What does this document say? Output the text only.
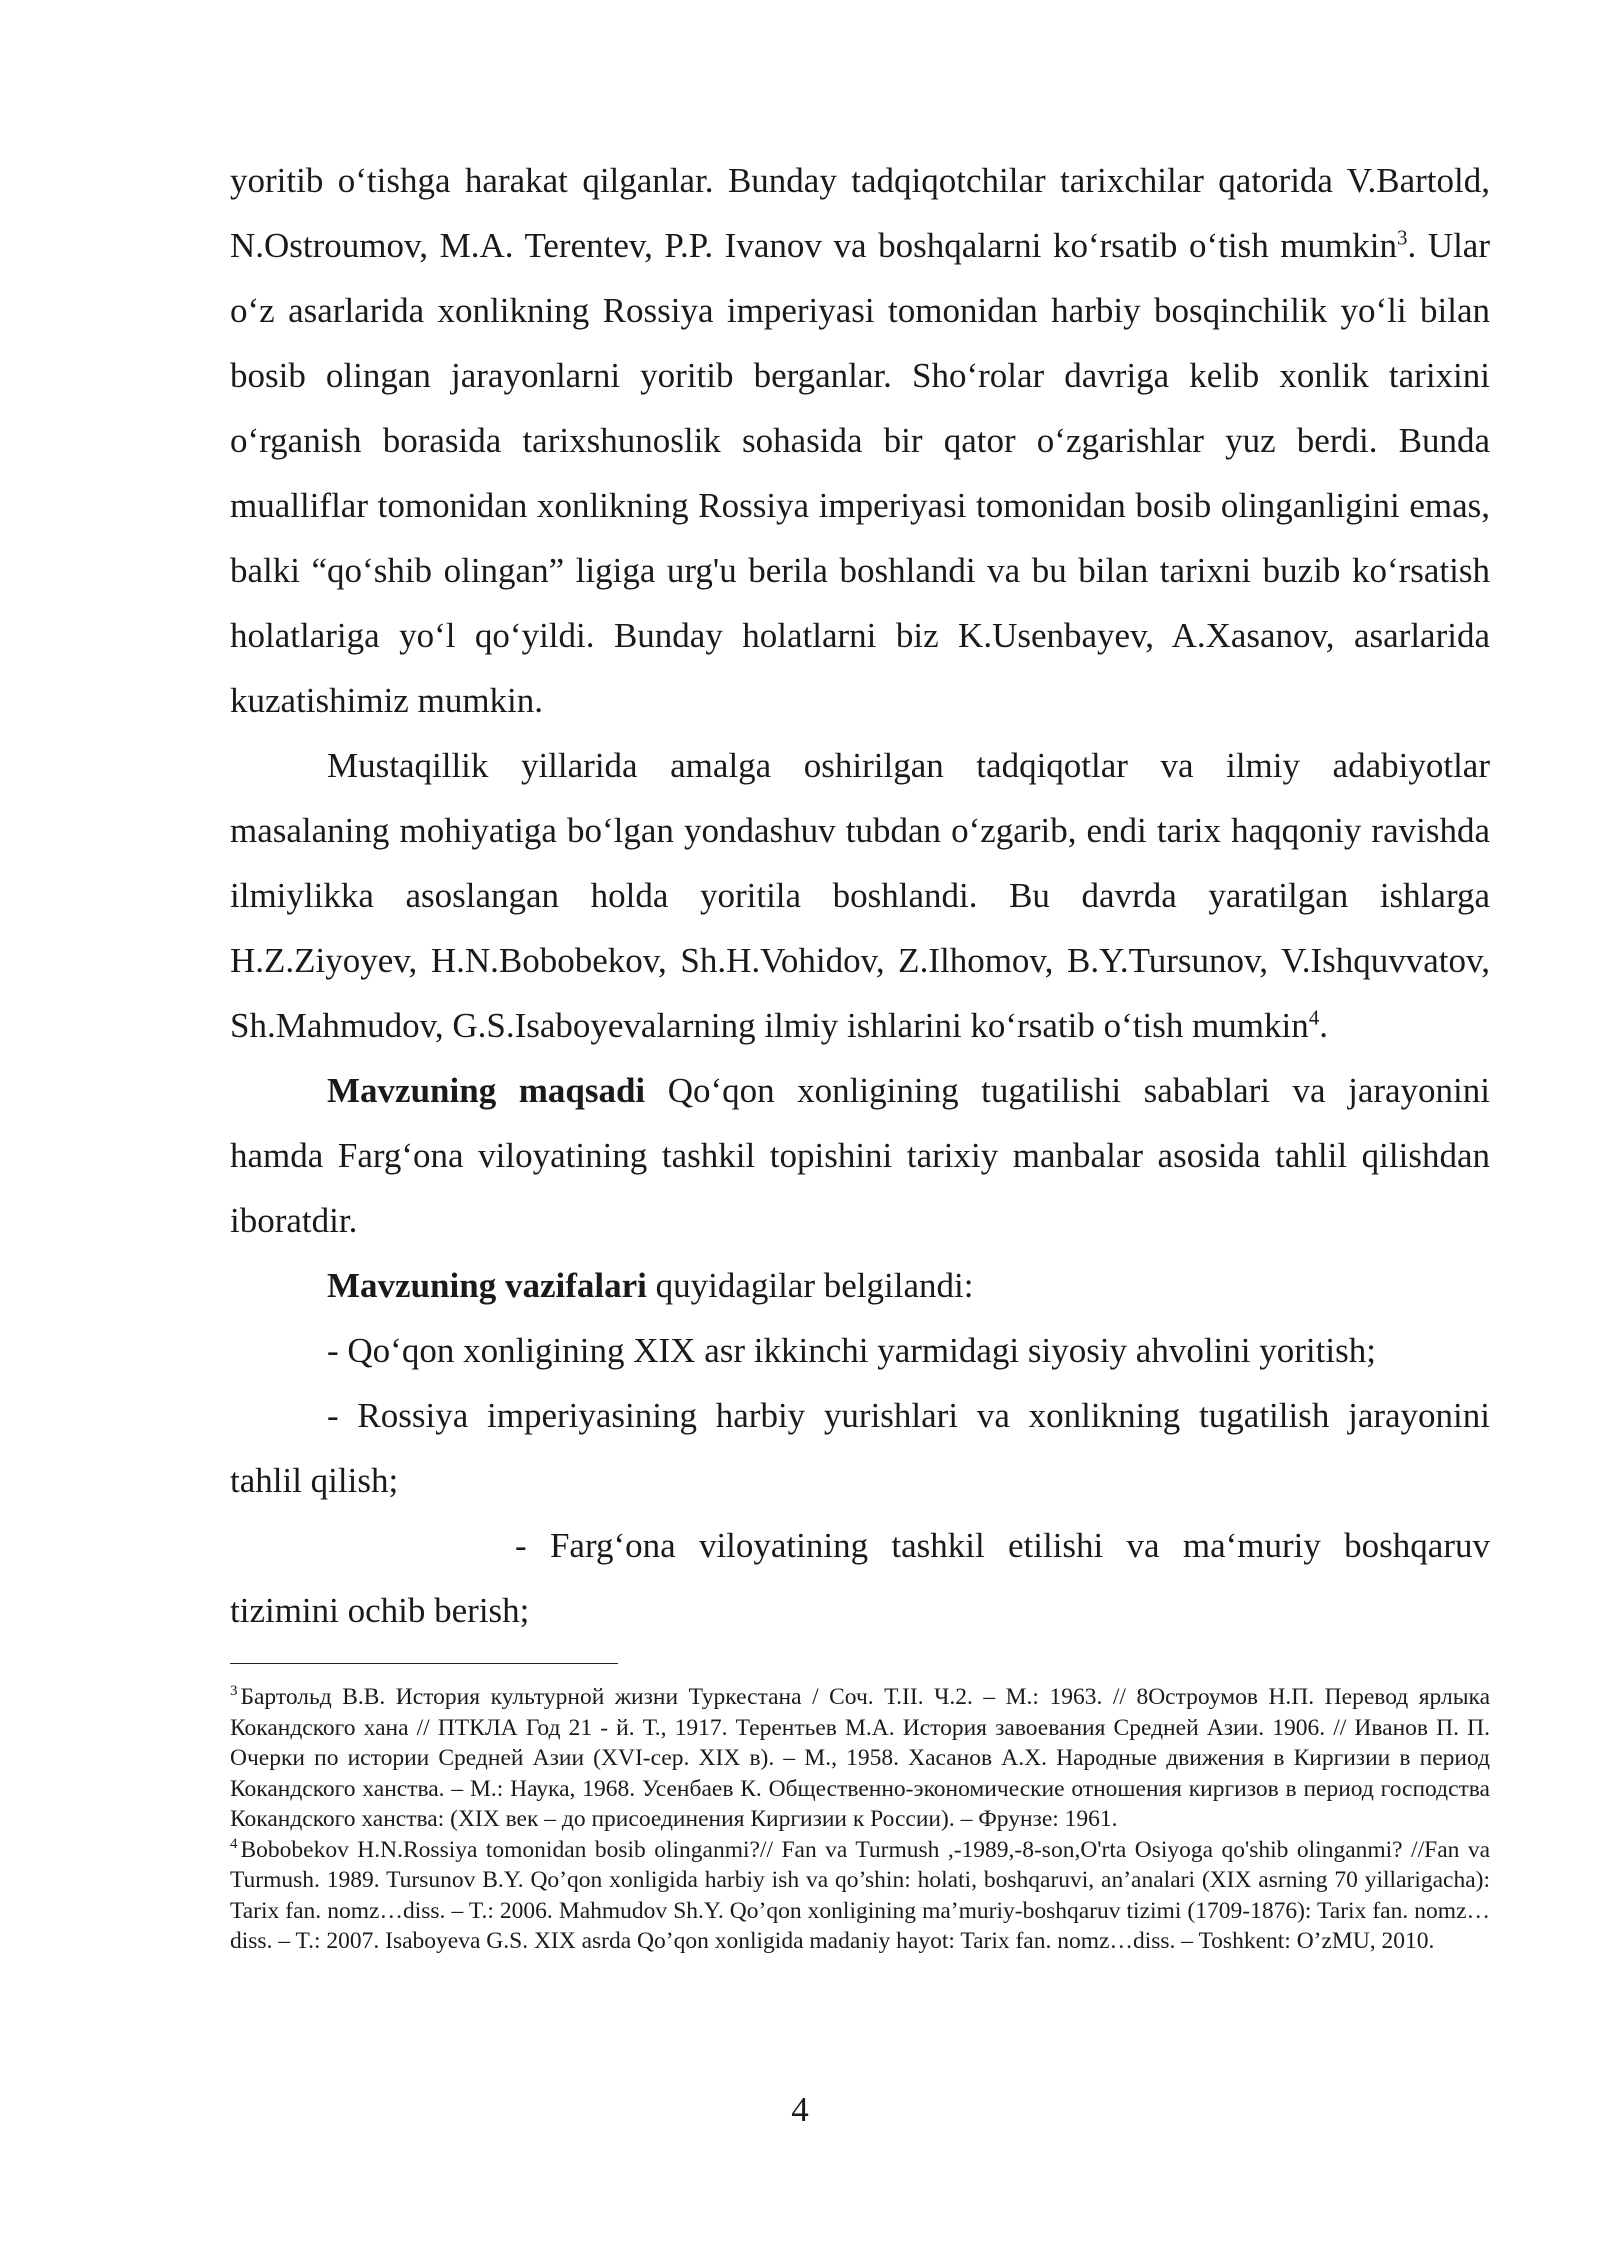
yoritib o‘tishga harakat qilganlar. Bunday tadqiqotchilar tarixchilar qatorida V.Bartold, N.Ostroumov, M.A. Terentev, P.P. Ivanov va boshqalarni ko‘rsatib o‘tish mumkin$^3$. Ular o‘z asarlarida xonlikning Rossiya imperiyasi tomonidan harbiy bosqinchilik yo‘li bilan bosib olingan jarayonlarni yoritib berganlar. Sho‘rolar davriga kelib xonlik tarixini o‘rganish borasida tarixshunoslik sohasida bir qator o‘zgarishlar yuz berdi. Bunda mualliflar tomonidan xonlikning Rossiya imperiyasi tomonidan bosib olinganligini emas, balki “qo‘shib olingan” ligiga urg'u berila boshlandi va bu bilan tarixni buzib ko‘rsatish holatlariga yo‘l qo‘yildi. Bunday holatlarni biz K.Usenbayev, A.Xasanov, asarlarida kuzatishimiz mumkin.

Mustaqillik yillarida amalga oshirilgan tadqiqotlar va ilmiy adabiyotlar masalaning mohiyatiga bo‘lgan yondashuv tubdan o‘zgarib, endi tarix haqqoniy ravishda ilmiylikka asoslangan holda yoritila boshlandi. Bu davrda yaratilgan ishlarga H.Z.Ziyoyev, H.N.Bobobekov, Sh.H.Vohidov, Z.Ilhomov, B.Y.Tursunov, V.Ishquvvatov, Sh.Mahmudov, G.S.Isaboyevalarning ilmiy ishlarini ko‘rsatib o‘tish mumkin$^4$.

Mavzuning maqsadi Qo‘qon xonligining tugatilishi sabablari va jarayonini hamda Farg‘ona viloyatining tashkil topishini tarixiy manbalar asosida tahlil qilishdan iboratdir.

Mavzuning vazifalari quyidagilar belgilandi:

- Qo‘qon xonligining XIX asr ikkinchi yarmidagi siyosiy ahvolini yoritish;

- Rossiya imperiyasining harbiy yurishlari va xonlikning tugatilish jarayonini tahlil qilish;

- Farg‘ona viloyatining tashkil etilishi va ma‘muriy boshqaruv tizimini ochib berish;

$^3$ Бартольд В.В. История культурной жизни Туркестана / Соч. Т.II. Ч.2. – М.: 1963. // 8Остроумов Н.П. Перевод ярлыка Кокандского хана // ПТКЛА Год 21 - й. Т., 1917. Терентьев М.А. История завоевания Средней Азии. 1906. // Иванов П. П. Очерки по истории Средней Азии (XVI-сер. XIX в). – М., 1958. Хасанов А.Х. Народные движения в Киргизии в период Кокандского ханства. – М.: Наука, 1968. Усенбаев К. Общественно-экономические отношения киргизов в период господства Кокандского ханства: (XIX век – до присоединения Киргизии к России). – Фрунзе: 1961.

$^4$ Bobobekov H.N.Rossiya tomonidan bosib olinganmi?// Fan va Turmush ,-1989,-8-son,O'rta Osiyoga qo'shib olinganmi? //Fan va Turmush. 1989. Tursunov B.Y. Qo’qon xonligida harbiy ish va qo’shin: holati, boshqaruvi, an’analari (XIX asrning 70 yillarigacha): Tarix fan. nomz…diss. – T.: 2006. Mahmudov Sh.Y. Qo’qon xonligining ma’muriy-boshqaruv tizimi (1709-1876): Tarix fan. nomz…diss. – T.: 2007. Isaboyeva G.S. XIX asrda Qo’qon xonligida madaniy hayot: Tarix fan. nomz…diss. – Toshkent: O’zMU, 2010.

4
